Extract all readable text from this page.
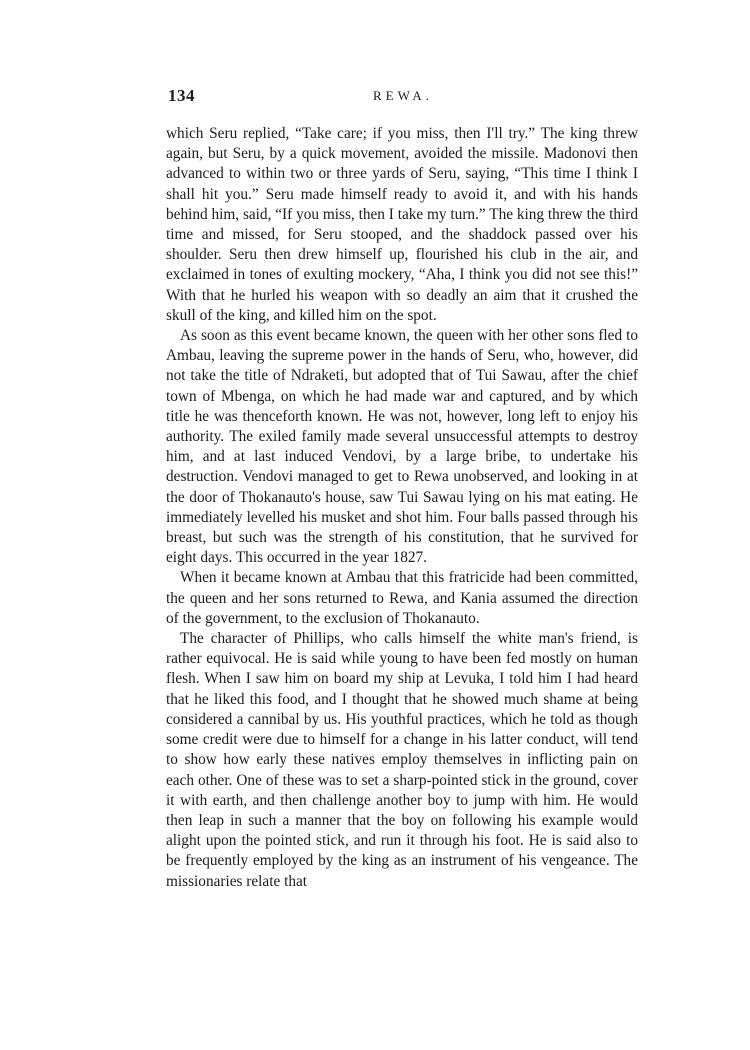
134	REWA.

which Seru replied, “Take care; if you miss, then I'll try.” The king threw again, but Seru, by a quick movement, avoided the missile. Madonovi then advanced to within two or three yards of Seru, saying, “This time I think I shall hit you.” Seru made himself ready to avoid it, and with his hands behind him, said, “If you miss, then I take my turn.” The king threw the third time and missed, for Seru stooped, and the shaddock passed over his shoulder. Seru then drew himself up, flourished his club in the air, and exclaimed in tones of exulting mockery, “Aha, I think you did not see this!” With that he hurled his weapon with so deadly an aim that it crushed the skull of the king, and killed him on the spot.

As soon as this event became known, the queen with her other sons fled to Ambau, leaving the supreme power in the hands of Seru, who, however, did not take the title of Ndraketi, but adopted that of Tui Sawau, after the chief town of Mbenga, on which he had made war and captured, and by which title he was thenceforth known. He was not, however, long left to enjoy his authority. The exiled family made several unsuccessful attempts to destroy him, and at last induced Vendovi, by a large bribe, to undertake his destruction. Vendovi managed to get to Rewa unobserved, and looking in at the door of Thokanauto's house, saw Tui Sawau lying on his mat eating. He immediately levelled his musket and shot him. Four balls passed through his breast, but such was the strength of his constitution, that he survived for eight days. This occurred in the year 1827.

When it became known at Ambau that this fratricide had been committed, the queen and her sons returned to Rewa, and Kania assumed the direction of the government, to the exclusion of Thokanauto.

The character of Phillips, who calls himself the white man's friend, is rather equivocal. He is said while young to have been fed mostly on human flesh. When I saw him on board my ship at Levuka, I told him I had heard that he liked this food, and I thought that he showed much shame at being considered a cannibal by us. His youthful practices, which he told as though some credit were due to himself for a change in his latter conduct, will tend to show how early these natives employ themselves in inflicting pain on each other. One of these was to set a sharp-pointed stick in the ground, cover it with earth, and then challenge another boy to jump with him. He would then leap in such a manner that the boy on following his example would alight upon the pointed stick, and run it through his foot. He is said also to be frequently employed by the king as an instrument of his vengeance. The missionaries relate that
